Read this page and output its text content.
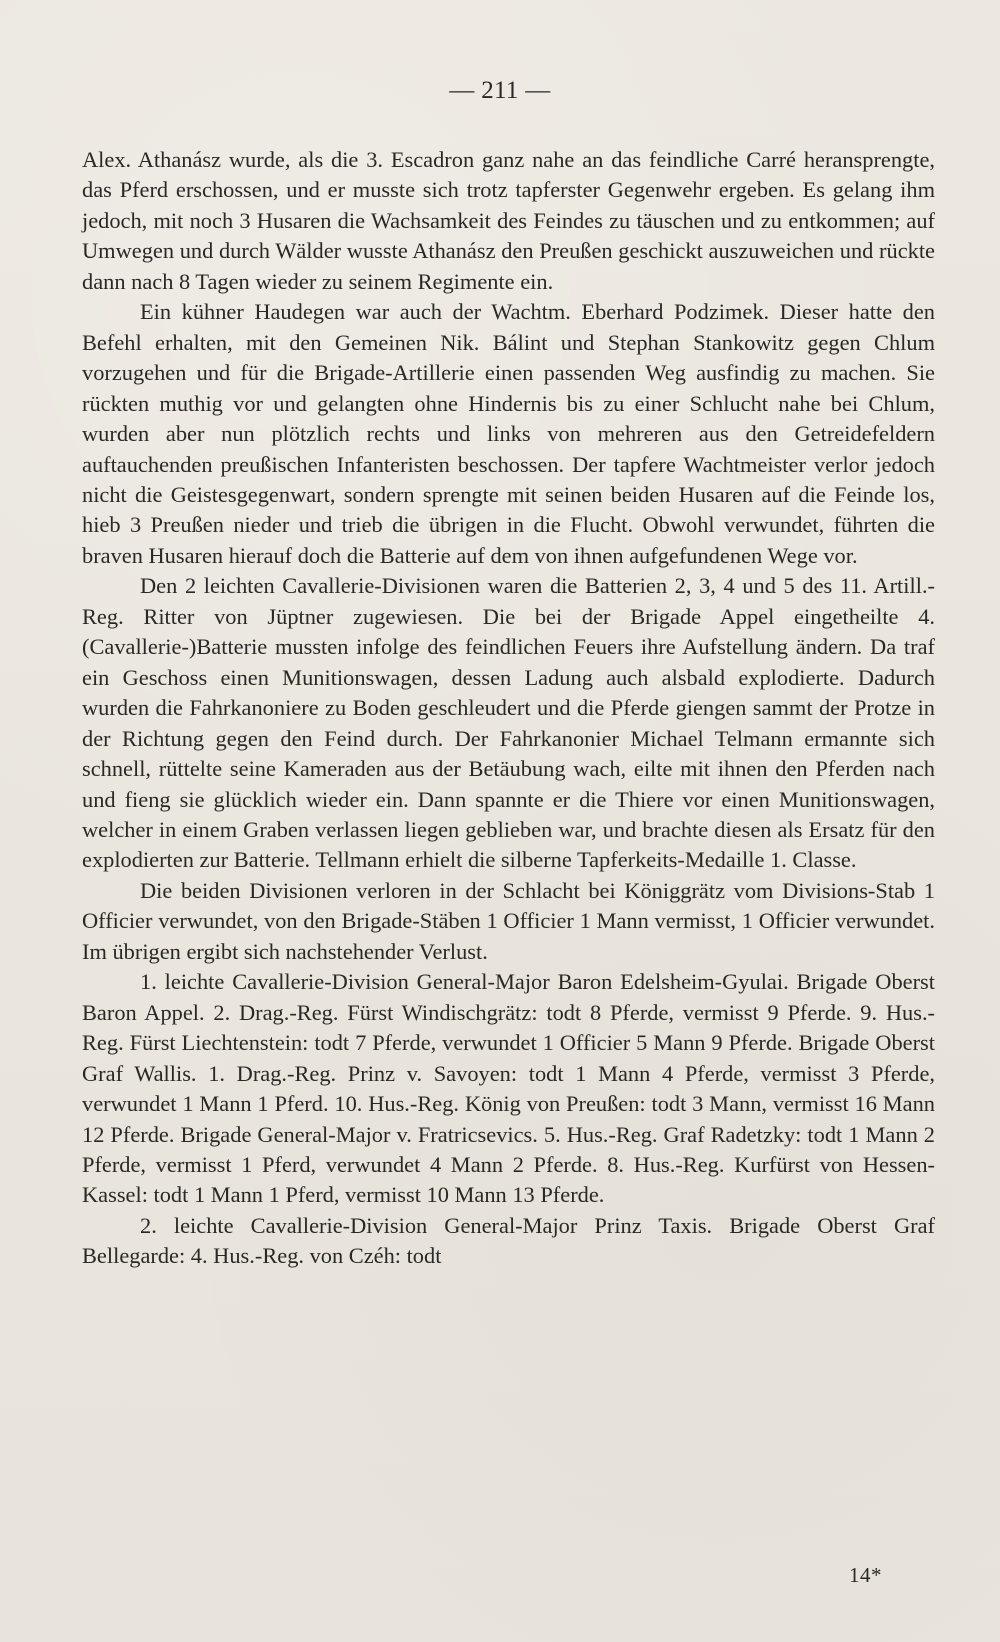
— 211 —

Alex. Athanász wurde, als die 3. Escadron ganz nahe an das feindliche Carré heransprengte, das Pferd erschossen, und er musste sich trotz tapferster Gegenwehr ergeben. Es gelang ihm jedoch, mit noch 3 Husaren die Wachsamkeit des Feindes zu täuschen und zu entkommen; auf Umwegen und durch Wälder wusste Athanász den Preußen geschickt auszuweichen und rückte dann nach 8 Tagen wieder zu seinem Regimente ein.

Ein kühner Haudegen war auch der Wachtm. Eberhard Podzimek. Dieser hatte den Befehl erhalten, mit den Gemeinen Nik. Bálint und Stephan Stankowitz gegen Chlum vorzugehen und für die Brigade-Artillerie einen passenden Weg ausfindig zu machen. Sie rückten muthig vor und gelangten ohne Hindernis bis zu einer Schlucht nahe bei Chlum, wurden aber nun plötzlich rechts und links von mehreren aus den Getreidefeldern auftauchenden preußischen Infanteristen beschossen. Der tapfere Wachtmeister verlor jedoch nicht die Geistesgegenwart, sondern sprengte mit seinen beiden Husaren auf die Feinde los, hieb 3 Preußen nieder und trieb die übrigen in die Flucht. Obwohl verwundet, führten die braven Husaren hierauf doch die Batterie auf dem von ihnen aufgefundenen Wege vor.

Den 2 leichten Cavallerie-Divisionen waren die Batterien 2, 3, 4 und 5 des 11. Artill.-Reg. Ritter von Jüptner zugewiesen. Die bei der Brigade Appel eingetheilte 4. (Cavallerie-)Batterie mussten infolge des feindlichen Feuers ihre Aufstellung ändern. Da traf ein Geschoss einen Munitionswagen, dessen Ladung auch alsbald explodierte. Dadurch wurden die Fahrkanoniere zu Boden geschleudert und die Pferde giengen sammt der Protze in der Richtung gegen den Feind durch. Der Fahrkanonier Michael Telmann ermannte sich schnell, rüttelte seine Kameraden aus der Betäubung wach, eilte mit ihnen den Pferden nach und fieng sie glücklich wieder ein. Dann spannte er die Thiere vor einen Munitionswagen, welcher in einem Graben verlassen liegen geblieben war, und brachte diesen als Ersatz für den explodierten zur Batterie. Tellmann erhielt die silberne Tapferkeits-Medaille 1. Classe.

Die beiden Divisionen verloren in der Schlacht bei Königgrätz vom Divisions-Stab 1 Officier verwundet, von den Brigade-Stäben 1 Officier 1 Mann vermisst, 1 Officier verwundet. Im übrigen ergibt sich nachstehender Verlust.

1. leichte Cavallerie-Division General-Major Baron Edelsheim-Gyulai. Brigade Oberst Baron Appel. 2. Drag.-Reg. Fürst Windischgrätz: todt 8 Pferde, vermisst 9 Pferde. 9. Hus.-Reg. Fürst Liechtenstein: todt 7 Pferde, verwundet 1 Officier 5 Mann 9 Pferde. Brigade Oberst Graf Wallis. 1. Drag.-Reg. Prinz v. Savoyen: todt 1 Mann 4 Pferde, vermisst 3 Pferde, verwundet 1 Mann 1 Pferd. 10. Hus.-Reg. König von Preußen: todt 3 Mann, vermisst 16 Mann 12 Pferde. Brigade General-Major v. Fratricsevics. 5. Hus.-Reg. Graf Radetzky: todt 1 Mann 2 Pferde, vermisst 1 Pferd, verwundet 4 Mann 2 Pferde. 8. Hus.-Reg. Kurfürst von Hessen-Kassel: todt 1 Mann 1 Pferd, vermisst 10 Mann 13 Pferde.

2. leichte Cavallerie-Division General-Major Prinz Taxis. Brigade Oberst Graf Bellegarde: 4. Hus.-Reg. von Czéh: todt

14*
